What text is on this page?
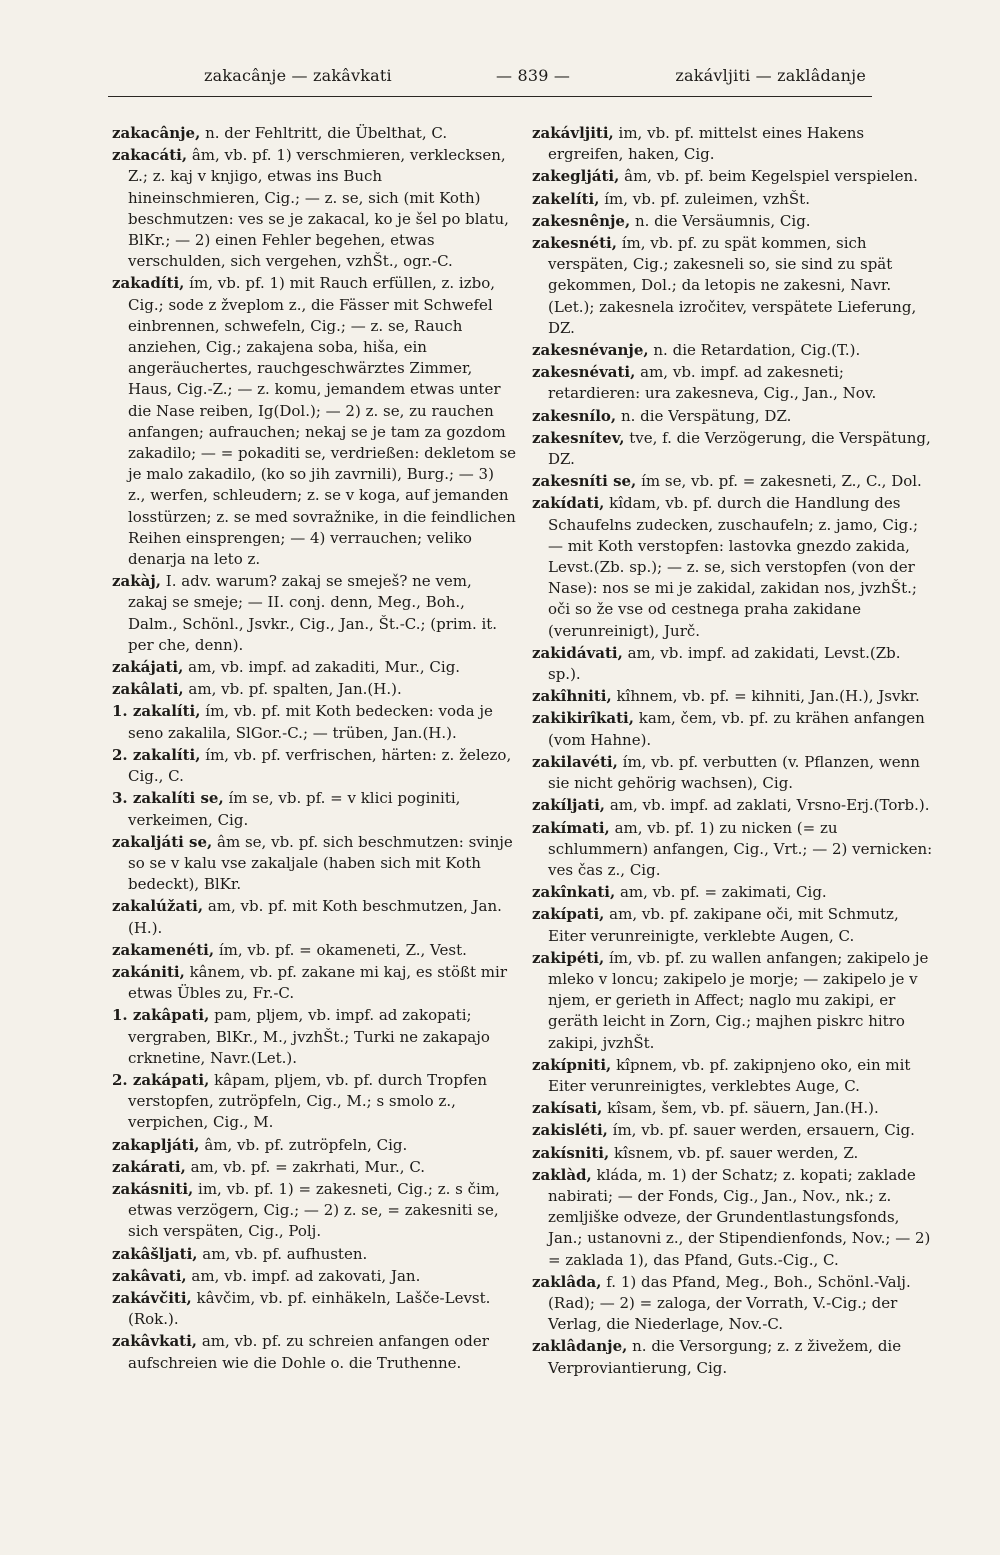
zakacânje — zakâvkati	— 839 —	zakávljiti — zaklâdanje

zakacânje, n. der Fehltritt, die Übelthat, C.

zakacáti, âm, vb. pf. 1) verschmieren, verklecksen, Z.; z. kaj v knjigo, etwas ins Buch hineinschmieren, Cig.; — z. se, sich (mit Koth) beschmutzen: ves se je zakacal, ko je šel po blatu, BlKr.; — 2) einen Fehler begehen, etwas verschulden, sich vergehen, vzhŠt., ogr.-C.

zakadíti, ím, vb. pf. 1) mit Rauch erfüllen, z. izbo, Cig.; sode z žveplom z., die Fässer mit Schwefel einbrennen, schwefeln, Cig.; — z. se, Rauch anziehen, Cig.; zakajena soba, hiša, ein angeräuchertes, rauchgeschwärztes Zimmer, Haus, Cig.-Z.; — z. komu, jemandem etwas unter die Nase reiben, Ig(Dol.); — 2) z. se, zu rauchen anfangen; aufrauchen; nekaj se je tam za gozdom zakadilo; — = pokaditi se, verdrießen: dekletom se je malo zakadilo, (ko so jih zavrnili), Burg.; — 3) z., werfen, schleudern; z. se v koga, auf jemanden losstürzen; z. se med sovražnike, in die feindlichen Reihen einsprengen; — 4) verrauchen; veliko denarja na leto z.

zakàj, I. adv. warum? zakaj se smeješ? ne vem, zakaj se smeje; — II. conj. denn, Meg., Boh., Dalm., Schönl., Jsvkr., Cig., Jan., Št.-C.; (prim. it. per che, denn).

zakájati, am, vb. impf. ad zakaditi, Mur., Cig.

zakâlati, am, vb. pf. spalten, Jan.(H.).

1. zakalíti, ím, vb. pf. mit Koth bedecken: voda je seno zakalila, SlGor.-C.; — trüben, Jan.(H.).

2. zakalíti, ím, vb. pf. verfrischen, härten: z. železo, Cig., C.

3. zakalíti se, ím se, vb. pf. = v klici poginiti, verkeimen, Cig.

zakaljáti se, âm se, vb. pf. sich beschmutzen: svinje so se v kalu vse zakaljale (haben sich mit Koth bedeckt), BlKr.

zakalúžati, am, vb. pf. mit Koth beschmutzen, Jan.(H.).

zakamenéti, ím, vb. pf. = okameneti, Z., Vest.

zakániti, kânem, vb. pf. zakane mi kaj, es stößt mir etwas Übles zu, Fr.-C.

1. zakâpati, pam, pljem, vb. impf. ad zakopati; vergraben, BlKr., M., jvzhŠt.; Turki ne zakapajo crknetine, Navr.(Let.).

2. zakápati, kâpam, pljem, vb. pf. durch Tropfen verstopfen, zutröpfeln, Cig., M.; s smolo z., verpichen, Cig., M.

zakapljáti, âm, vb. pf. zutröpfeln, Cig.

zakárati, am, vb. pf. = zakrhati, Mur., C.

zakásniti, im, vb. pf. 1) = zakesneti, Cig.; z. s čim, etwas verzögern, Cig.; — 2) z. se, = zakesniti se, sich verspäten, Cig., Polj.

zakâšljati, am, vb. pf. aufhusten.

zakâvati, am, vb. impf. ad zakovati, Jan.

zakávčiti, kâvčim, vb. pf. einhäkeln, Lašče-Levst.(Rok.).

zakâvkati, am, vb. pf. zu schreien anfangen oder aufschreien wie die Dohle o. die Truthenne.

zakávljiti, im, vb. pf. mittelst eines Hakens ergreifen, haken, Cig.

zakegljáti, âm, vb. pf. beim Kegelspiel verspielen.

zakelíti, ím, vb. pf. zuleimen, vzhŠt.

zakesnênje, n. die Versäumnis, Cig.

zakesnéti, ím, vb. pf. zu spät kommen, sich verspäten, Cig.; zakesneli so, sie sind zu spät gekommen, Dol.; da letopis ne zakesni, Navr.(Let.); zakesnela izročitev, verspätete Lieferung, DZ.

zakesnévanje, n. die Retardation, Cig.(T.).

zakesnévati, am, vb. impf. ad zakesneti; retardieren: ura zakesneva, Cig., Jan., Nov.

zakesnílo, n. die Verspätung, DZ.

zakesnítev, tve, f. die Verzögerung, die Verspätung, DZ.

zakesníti se, ím se, vb. pf. = zakesneti, Z., C., Dol.

zakídati, kîdam, vb. pf. durch die Handlung des Schaufelns zudecken, zuschaufeln; z. jamo, Cig.; — mit Koth verstopfen: lastovka gnezdo zakida, Levst.(Zb. sp.); — z. se, sich verstopfen (von der Nase): nos se mi je zakidal, zakidan nos, jvzhŠt.; oči so že vse od cestnega praha zakidane (verunreinigt), Jurč.

zakidávati, am, vb. impf. ad zakidati, Levst.(Zb. sp.).

zakîhniti, kîhnem, vb. pf. = kihniti, Jan.(H.), Jsvkr.

zakikirîkati, kam, čem, vb. pf. zu krähen anfangen (vom Hahne).

zakilavéti, ím, vb. pf. verbutten (v. Pflanzen, wenn sie nicht gehörig wachsen), Cig.

zakíljati, am, vb. impf. ad zaklati, Vrsno-Erj.(Torb.).

zakímati, am, vb. pf. 1) zu nicken (= zu schlummern) anfangen, Cig., Vrt.; — 2) vernicken: ves čas z., Cig.

zakînkati, am, vb. pf. = zakimati, Cig.

zakípati, am, vb. pf. zakipane oči, mit Schmutz, Eiter verunreinigte, verklebte Augen, C.

zakipéti, ím, vb. pf. zu wallen anfangen; zakipelo je mleko v loncu; zakipelo je morje; — zakipelo je v njem, er gerieth in Affect; naglo mu zakipi, er geräth leicht in Zorn, Cig.; majhen piskrc hitro zakipi, jvzhŠt.

zakípniti, kîpnem, vb. pf. zakipnjeno oko, ein mit Eiter verunreinigtes, verklebtes Auge, C.

zakísati, kîsam, šem, vb. pf. säuern, Jan.(H.).

zakisléti, ím, vb. pf. sauer werden, ersauern, Cig.

zakísniti, kîsnem, vb. pf. sauer werden, Z.

zaklàd, kláda, m. 1) der Schatz; z. kopati; zaklade nabirati; — der Fonds, Cig., Jan., Nov., nk.; z. zemljiške odveze, der Grundentlastungsfonds, Jan.; ustanovni z., der Stipendienfonds, Nov.; — 2) = zaklada 1), das Pfand, Guts.-Cig., C.

zaklâda, f. 1) das Pfand, Meg., Boh., Schönl.-Valj.(Rad); — 2) = zaloga, der Vorrath, V.-Cig.; der Verlag, die Niederlage, Nov.-C.

zaklâdanje, n. die Versorgung; z. z živežem, die Verproviantierung, Cig.
